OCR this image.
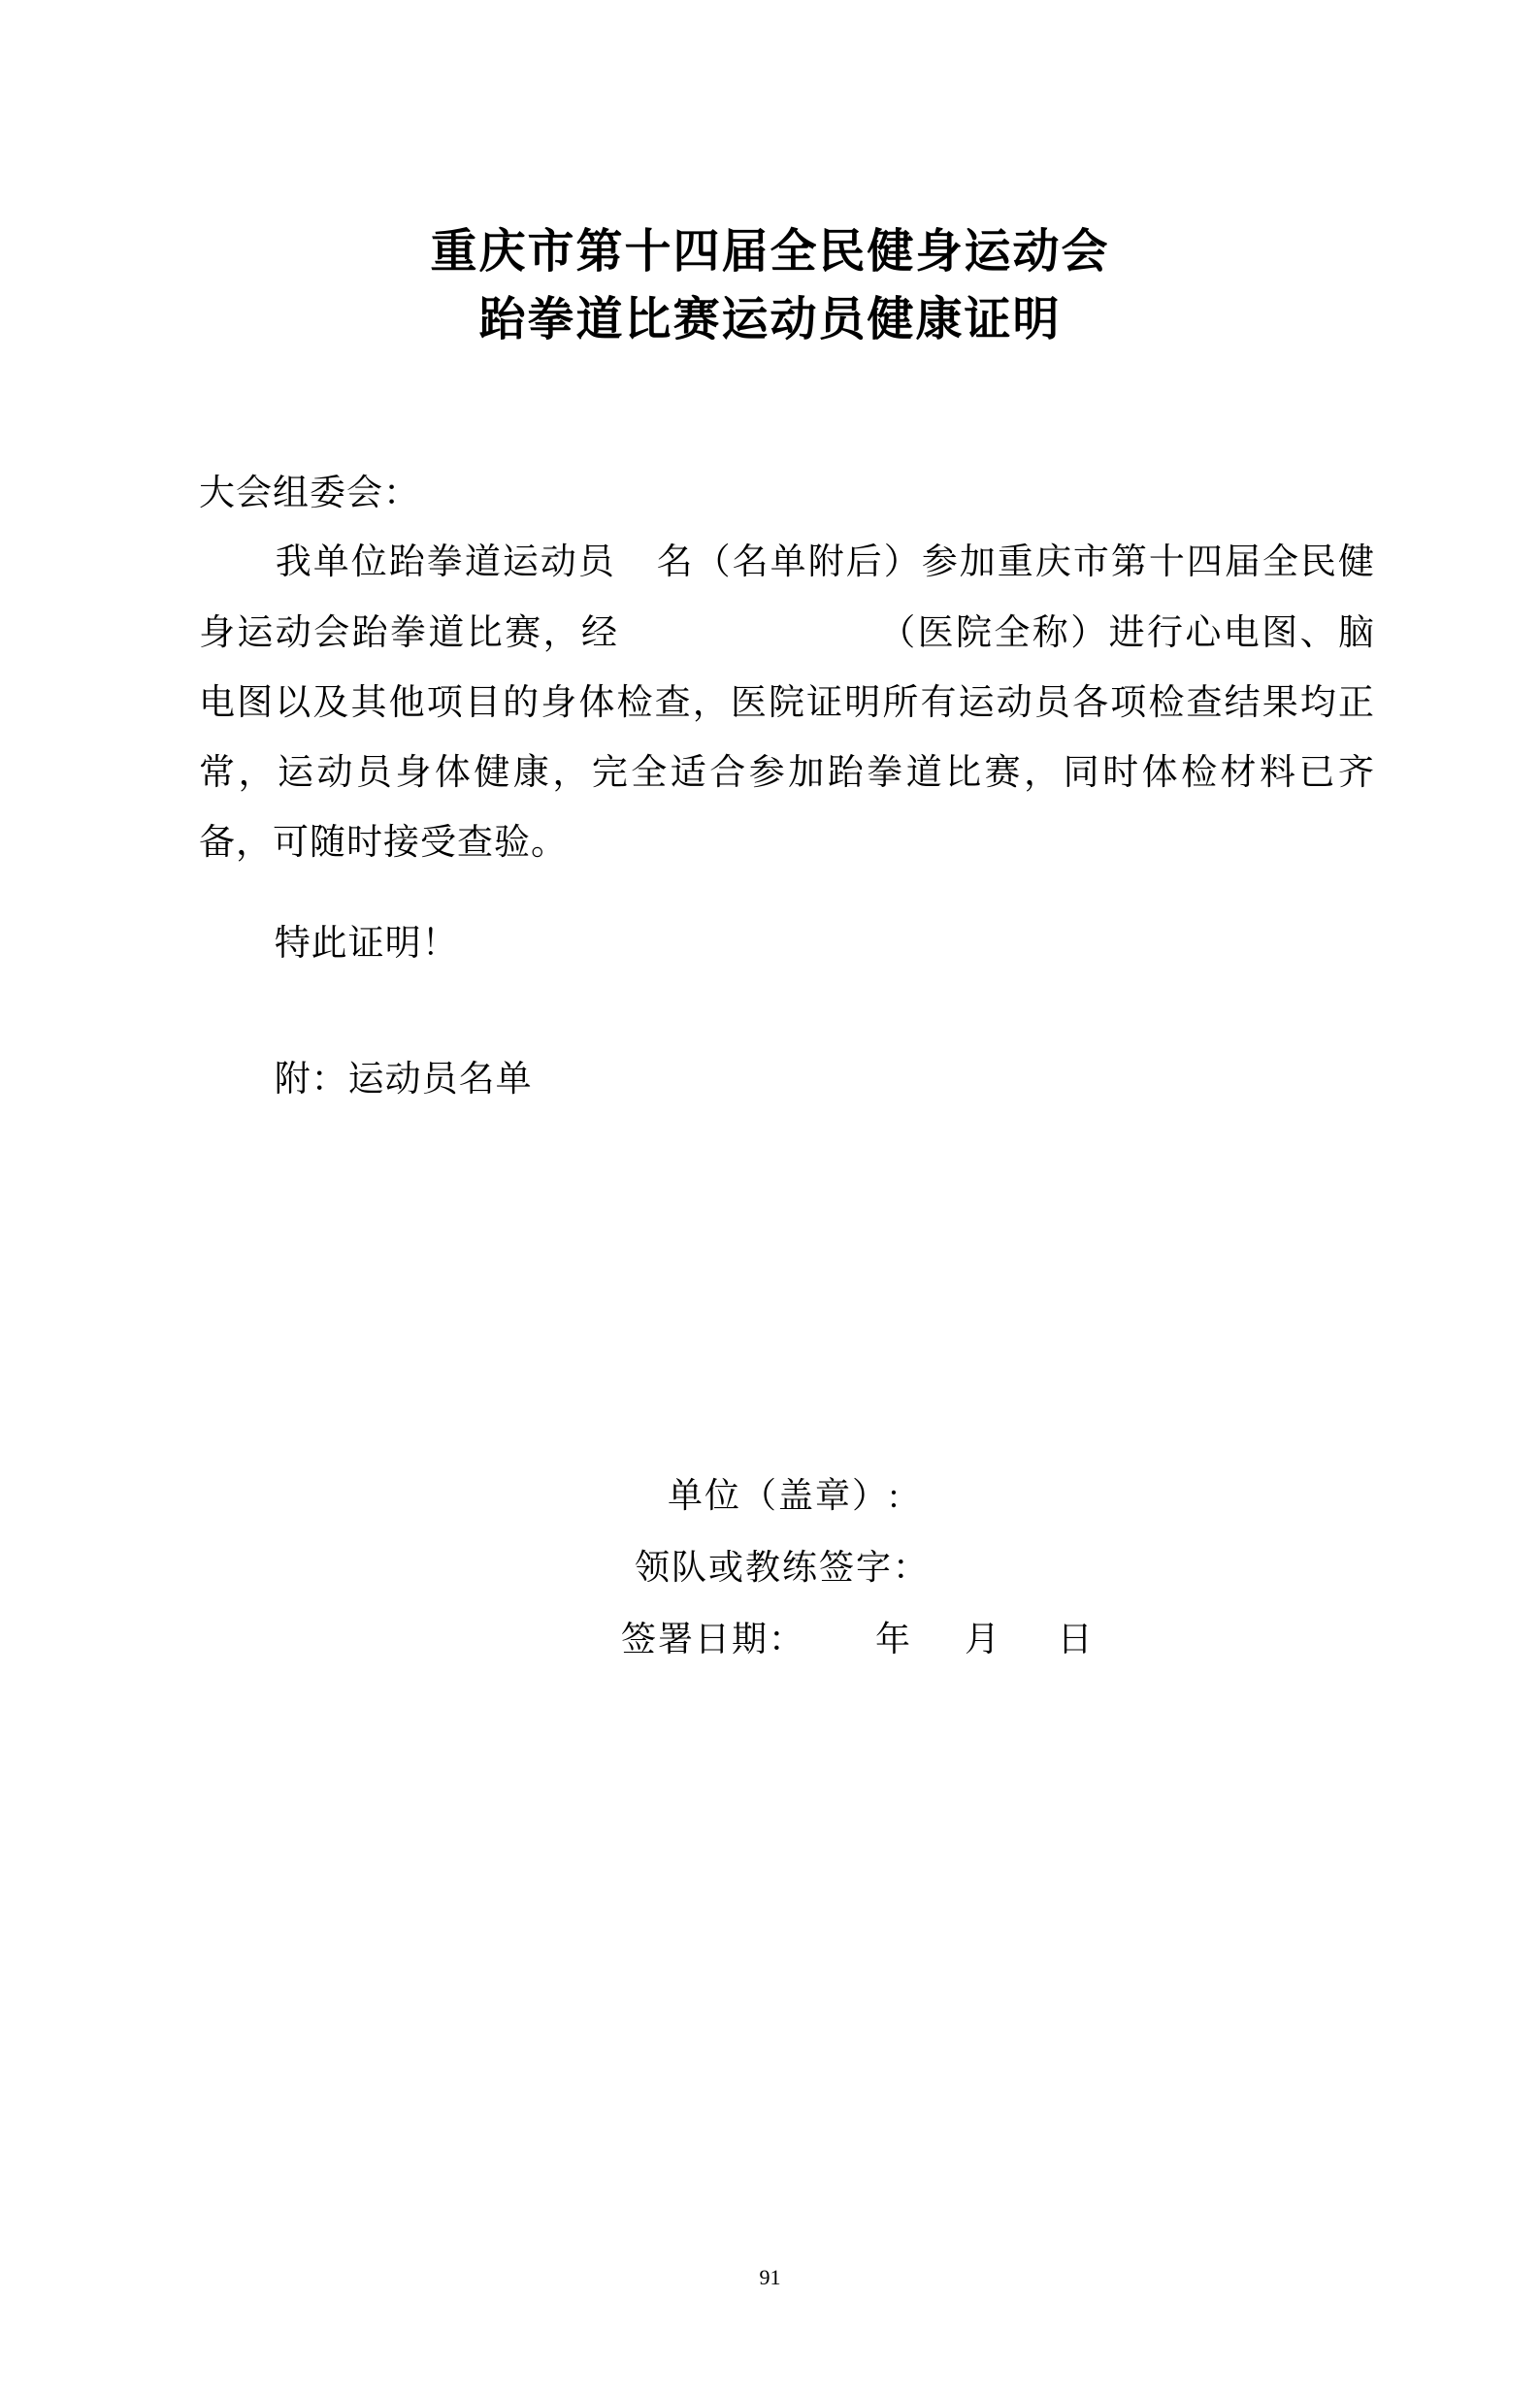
重庆市第十四届全民健身运动会
跆拳道比赛运动员健康证明
大会组委会：
我单位跆拳道运动员 名（名单附后）参加重庆市第十四届全民健身运动会跆拳道比赛，经	（医院全称）进行心电图、脑电图以及其他项目的身体检查，医院证明所有运动员各项检查结果均正常，运动员身体健康，完全适合参加跆拳道比赛，同时体检材料已齐备，可随时接受查验。
特此证明！
附：运动员名单
单位（盖章）:
领队或教练签字：
签署日期： 年 月 日
91
